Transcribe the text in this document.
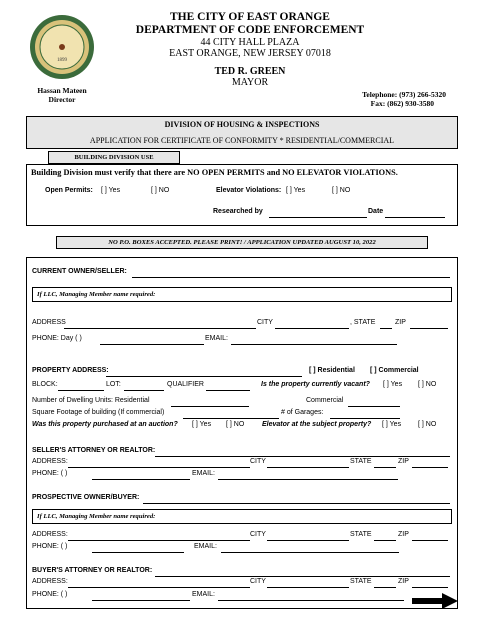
1899
THE CITY OF EAST ORANGE
DEPARTMENT OF CODE ENFORCEMENT
44 CITY HALL PLAZA
EAST ORANGE, NEW JERSEY 07018
TED R. GREEN
MAYOR
Hassan Mateen
Director
Telephone: (973) 266-5320
Fax: (862) 930-3580
DIVISION OF HOUSING & INSPECTIONS
APPLICATION FOR CERTIFICATE OF CONFORMITY * RESIDENTIAL/COMMERCIAL
BUILDING DIVISION USE
Building Division must verify that there are NO OPEN PERMITS and NO ELEVATOR VIOLATIONS.
Open Permits: [ ] Yes	[ ] NO	Elevator Violations: [ ] Yes	[ ] NO
Researched by	Date
NO P.O. BOXES ACCEPTED. PLEASE PRINT! / APPLICATION UPDATED AUGUST 10, 2022
CURRENT OWNER/SELLER:
If LLC, Managing Member name required:
ADDRESS	CITY	, STATE	ZIP
PHONE: Day ( )	EMAIL:
PROPERTY ADDRESS:	[ ] Residential [ ] Commercial
BLOCK:	LOT:	QUALIFIER	Is the property currently vacant? [ ] Yes [ ] NO
Number of Dwelling Units: Residential	Commercial
Square Footage of building (If commercial)	# of Garages:
Was this property purchased at an auction? [ ] Yes [ ] NO	Elevator at the subject property? [ ] Yes [ ] NO
SELLER'S ATTORNEY OR REALTOR:
ADDRESS:	CITY	STATE	ZIP
PHONE: ( )	EMAIL:
PROSPECTIVE OWNER/BUYER:
If LLC, Managing Member name required:
ADDRESS:	CITY	STATE	ZIP
PHONE: ( )	EMAIL:
BUYER'S ATTORNEY OR REALTOR:
ADDRESS:	CITY	STATE	ZIP
PHONE: ( )	EMAIL:
